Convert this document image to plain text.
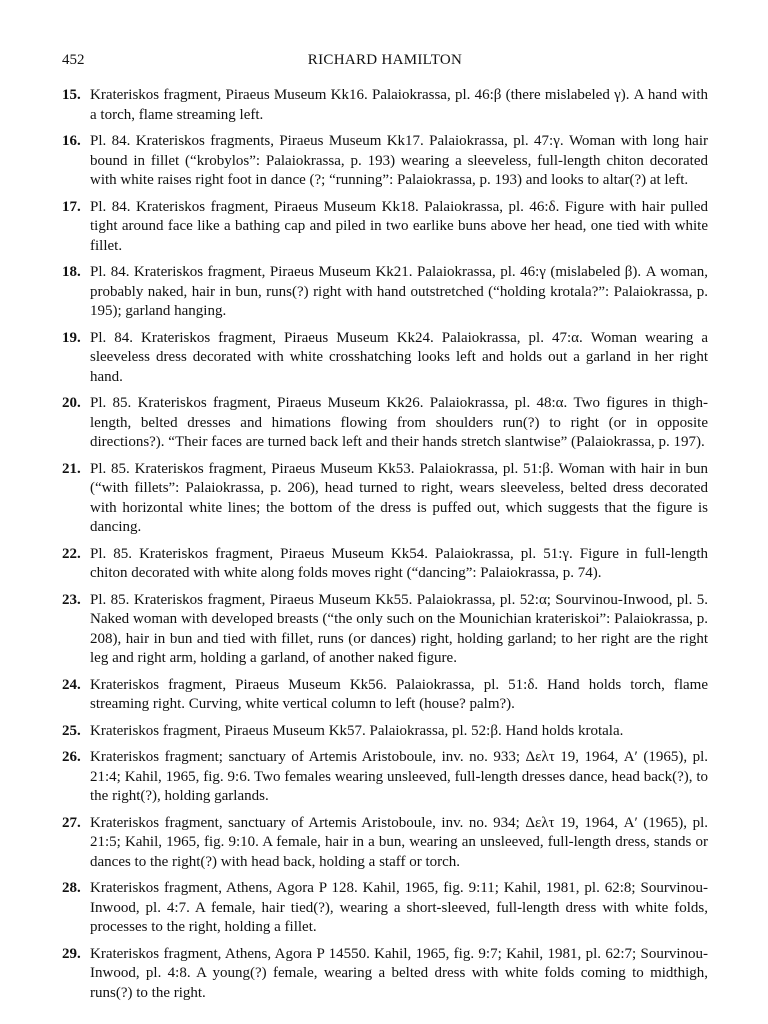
452	RICHARD HAMILTON
15. Krateriskos fragment, Piraeus Museum Kk16. Palaiokrassa, pl. 46:β (there mislabeled γ). A hand with a torch, flame streaming left.
16. Pl. 84. Krateriskos fragments, Piraeus Museum Kk17. Palaiokrassa, pl. 47:γ. Woman with long hair bound in fillet (“krobylos”: Palaiokrassa, p. 193) wearing a sleeveless, full-length chiton decorated with white raises right foot in dance (?; “running”: Palaiokrassa, p. 193) and looks to altar(?) at left.
17. Pl. 84. Krateriskos fragment, Piraeus Museum Kk18. Palaiokrassa, pl. 46:δ. Figure with hair pulled tight around face like a bathing cap and piled in two earlike buns above her head, one tied with white fillet.
18. Pl. 84. Krateriskos fragment, Piraeus Museum Kk21. Palaiokrassa, pl. 46:γ (mislabeled β). A woman, probably naked, hair in bun, runs(?) right with hand outstretched (“holding krotala?”: Palaiokrassa, p. 195); garland hanging.
19. Pl. 84. Krateriskos fragment, Piraeus Museum Kk24. Palaiokrassa, pl. 47:α. Woman wearing a sleeveless dress decorated with white crosshatching looks left and holds out a garland in her right hand.
20. Pl. 85. Krateriskos fragment, Piraeus Museum Kk26. Palaiokrassa, pl. 48:α. Two figures in thigh-length, belted dresses and himations flowing from shoulders run(?) to right (or in opposite directions?). “Their faces are turned back left and their hands stretch slantwise” (Palaiokrassa, p. 197).
21. Pl. 85. Krateriskos fragment, Piraeus Museum Kk53. Palaiokrassa, pl. 51:β. Woman with hair in bun (“with fillets”: Palaiokrassa, p. 206), head turned to right, wears sleeveless, belted dress decorated with horizontal white lines; the bottom of the dress is puffed out, which suggests that the figure is dancing.
22. Pl. 85. Krateriskos fragment, Piraeus Museum Kk54. Palaiokrassa, pl. 51:γ. Figure in full-length chiton decorated with white along folds moves right (“dancing”: Palaiokrassa, p. 74).
23. Pl. 85. Krateriskos fragment, Piraeus Museum Kk55. Palaiokrassa, pl. 52:α; Sourvinou-Inwood, pl. 5. Naked woman with developed breasts (“the only such on the Mounichian krateriskoi”: Palaiokrassa, p. 208), hair in bun and tied with fillet, runs (or dances) right, holding garland; to her right are the right leg and right arm, holding a garland, of another naked figure.
24. Krateriskos fragment, Piraeus Museum Kk56. Palaiokrassa, pl. 51:δ. Hand holds torch, flame streaming right. Curving, white vertical column to left (house? palm?).
25. Krateriskos fragment, Piraeus Museum Kk57. Palaiokrassa, pl. 52:β. Hand holds krotala.
26. Krateriskos fragment; sanctuary of Artemis Aristoboule, inv. no. 933; Δελτ 19, 1964, A′ (1965), pl. 21:4; Kahil, 1965, fig. 9:6. Two females wearing unsleeved, full-length dresses dance, head back(?), to the right(?), holding garlands.
27. Krateriskos fragment, sanctuary of Artemis Aristoboule, inv. no. 934; Δελτ 19, 1964, A′ (1965), pl. 21:5; Kahil, 1965, fig. 9:10. A female, hair in a bun, wearing an unsleeved, full-length dress, stands or dances to the right(?) with head back, holding a staff or torch.
28. Krateriskos fragment, Athens, Agora P 128. Kahil, 1965, fig. 9:11; Kahil, 1981, pl. 62:8; Sourvinou-Inwood, pl. 4:7. A female, hair tied(?), wearing a short-sleeved, full-length dress with white folds, processes to the right, holding a fillet.
29. Krateriskos fragment, Athens, Agora P 14550. Kahil, 1965, fig. 9:7; Kahil, 1981, pl. 62:7; Sourvinou-Inwood, pl. 4:8. A young(?) female, wearing a belted dress with white folds coming to midthigh, runs(?) to the right.
